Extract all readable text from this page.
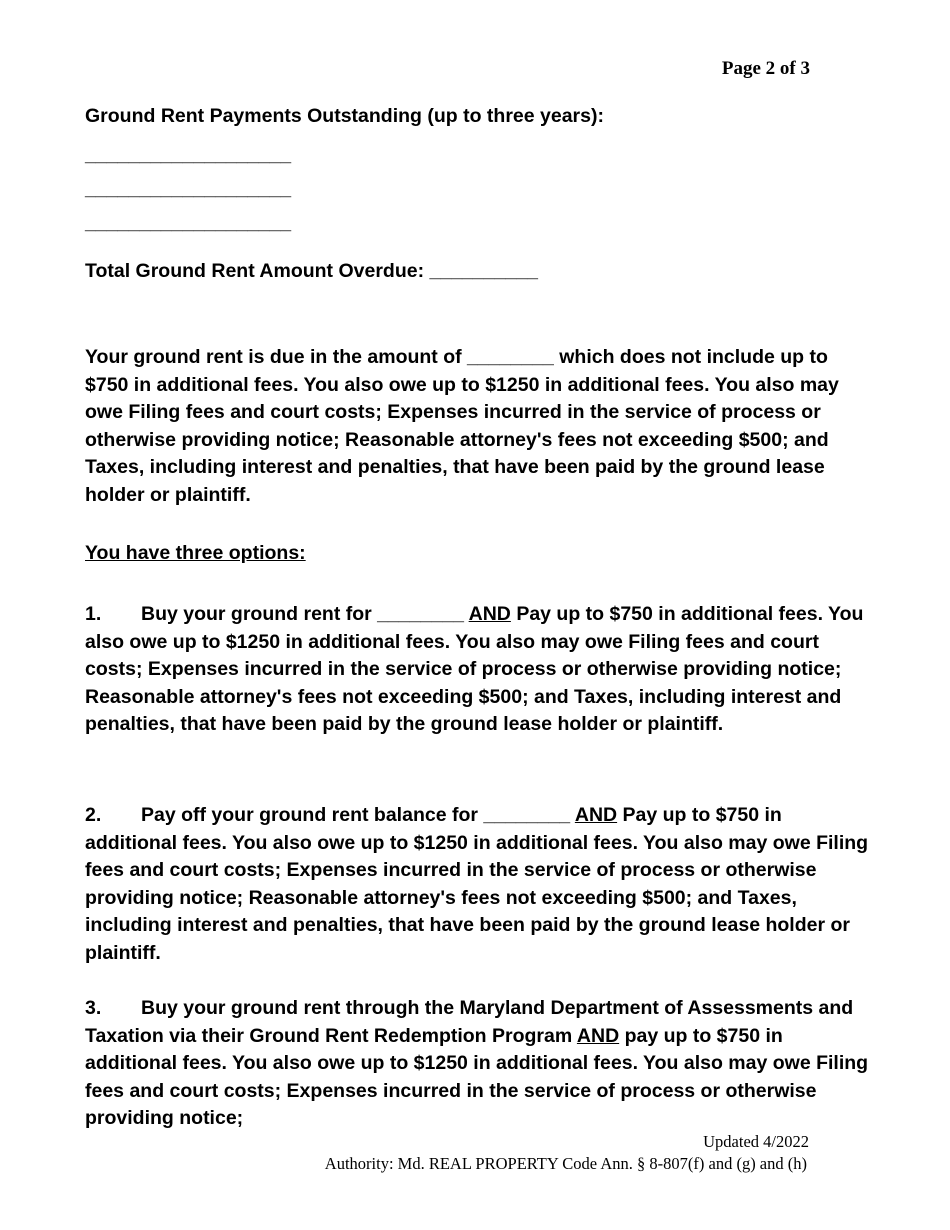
Page 2 of 3
Ground Rent Payments Outstanding (up to three years):
___________________
___________________
___________________
Total Ground Rent Amount Overdue: __________

Your ground rent is due in the amount of ________ which does not include up to $750 in additional fees. You also owe up to $1250 in additional fees. You also may owe Filing fees and court costs; Expenses incurred in the service of process or otherwise providing notice; Reasonable attorney's fees not exceeding $500; and Taxes, including interest and penalties, that have been paid by the ground lease holder or plaintiff.

You have three options:

1. Buy your ground rent for ________ AND Pay up to $750 in additional fees. You also owe up to $1250 in additional fees. You also may owe Filing fees and court costs; Expenses incurred in the service of process or otherwise providing notice; Reasonable attorney's fees not exceeding $500; and Taxes, including interest and penalties, that have been paid by the ground lease holder or plaintiff.

2. Pay off your ground rent balance for ________ AND Pay up to $750 in additional fees. You also owe up to $1250 in additional fees. You also may owe Filing fees and court costs; Expenses incurred in the service of process or otherwise providing notice; Reasonable attorney's fees not exceeding $500; and Taxes, including interest and penalties, that have been paid by the ground lease holder or plaintiff.

3. Buy your ground rent through the Maryland Department of Assessments and Taxation via their Ground Rent Redemption Program AND pay up to $750 in additional fees. You also owe up to $1250 in additional fees. You also may owe Filing fees and court costs; Expenses incurred in the service of process or otherwise providing notice;

Updated 4/2022
Authority: Md. REAL PROPERTY Code Ann. § 8-807(f) and (g) and (h)
